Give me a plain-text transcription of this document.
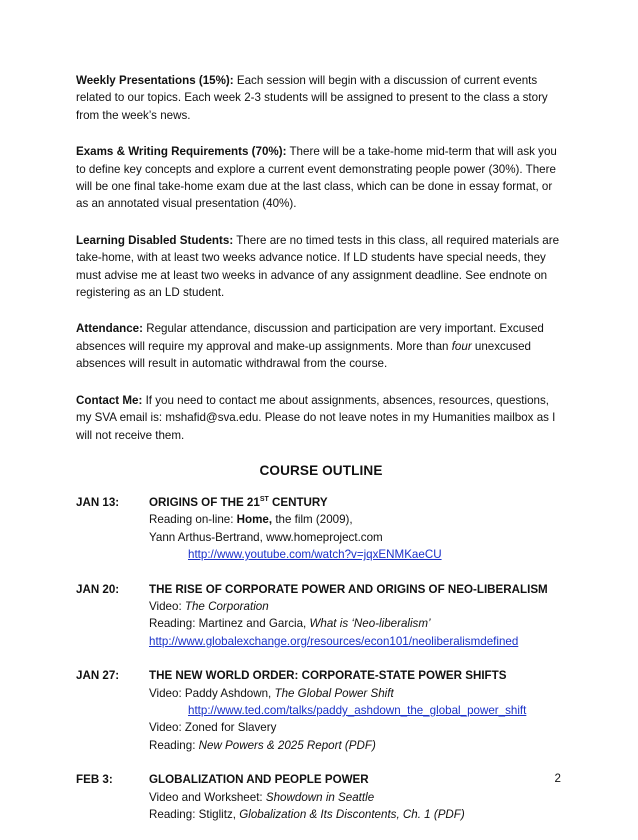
Weekly Presentations (15%): Each session will begin with a discussion of current events related to our topics. Each week 2-3 students will be assigned to present to the class a story from the week’s news.

Exams & Writing Requirements (70%): There will be a take-home mid-term that will ask you to define key concepts and explore a current event demonstrating people power (30%). There will be one final take-home exam due at the last class, which can be done in essay format, or as an annotated visual presentation (40%).

Learning Disabled Students: There are no timed tests in this class, all required materials are take-home, with at least two weeks advance notice. If LD students have special needs, they must advise me at least two weeks in advance of any assignment deadline. See endnote on registering as an LD student.

Attendance: Regular attendance, discussion and participation are very important. Excused absences will require my approval and make-up assignments. More than four unexcused absences will result in automatic withdrawal from the course.

Contact Me: If you need to contact me about assignments, absences, resources, questions, my SVA email is: mshafid@sva.edu. Please do not leave notes in my Humanities mailbox as I will not receive them.

COURSE OUTLINE
JAN 13:	ORIGINS OF THE 21ST CENTURY
Reading on-line: Home, the film (2009),
Yann Arthus-Bertrand, www.homeproject.com
http://www.youtube.com/watch?v=jqxENMKaeCU
JAN 20:	THE RISE OF CORPORATE POWER AND ORIGINS OF NEO-LIBERALISM
Video: The Corporation
Reading: Martinez and Garcia, What is ‘Neo-liberalism’
http://www.globalexchange.org/resources/econ101/neoliberalismdefined
JAN 27:	THE NEW WORLD ORDER: CORPORATE-STATE POWER SHIFTS
Video: Paddy Ashdown, The Global Power Shift
http://www.ted.com/talks/paddy_ashdown_the_global_power_shift
Video: Zoned for Slavery
Reading: New Powers & 2025 Report (PDF)
FEB 3:	GLOBALIZATION AND PEOPLE POWER
Video and Worksheet: Showdown in Seattle
Reading: Stiglitz, Globalization & Its Discontents, Ch. 1 (PDF)
2
